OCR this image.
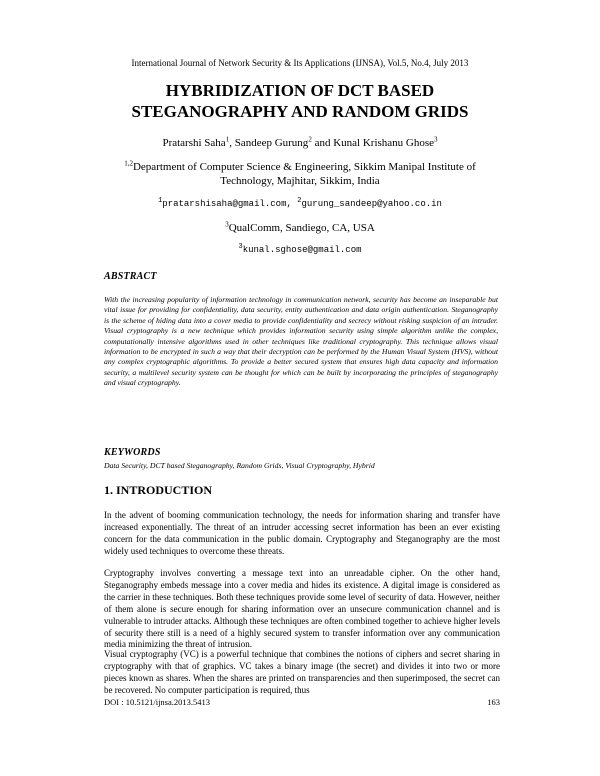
International Journal of Network Security & Its Applications (IJNSA), Vol.5, No.4, July 2013
HYBRIDIZATION OF DCT BASED
STEGANOGRAPHY AND RANDOM GRIDS
Pratarshi Saha$^1$, Sandeep Gurung$^2$ and Kunal Krishanu Ghose$^3$
$^{1,2}$Department of Computer Science & Engineering, Sikkim Manipal Institute of
Technology, Majhitar, Sikkim, India
$^1$pratarshisaha@gmail.com, $^2$gurung_sandeep@yahoo.co.in
$^3$QualComm, Sandiego, CA, USA
$^3$kunal.sghose@gmail.com
ABSTRACT
With the increasing popularity of information technology in communication network, security has become an inseparable but vital issue for providing for confidentiality, data security, entity authentication and data origin authentication. Steganography is the scheme of hiding data into a cover media to provide confidentiality and secrecy without risking suspicion of an intruder. Visual cryptography is a new technique which provides information security using simple algorithm unlike the complex, computationally intensive algorithms used in other techniques like traditional cryptography. This technique allows visual information to be encrypted in such a way that their decryption can be performed by the Human Visual System (HVS), without any complex cryptographic algorithms. To provide a better secured system that ensures high data capacity and information security, a multilevel security system can be thought for which can be built by incorporating the principles of steganography and visual cryptography.
KEYWORDS
Data Security, DCT based Steganography, Random Grids, Visual Cryptography, Hybrid
1. INTRODUCTION
In the advent of booming communication technology, the needs for information sharing and transfer have increased exponentially. The threat of an intruder accessing secret information has been an ever existing concern for the data communication in the public domain. Cryptography and Steganography are the most widely used techniques to overcome these threats.
Cryptography involves converting a message text into an unreadable cipher. On the other hand, Steganography embeds message into a cover media and hides its existence. A digital image is considered as the carrier in these techniques. Both these techniques provide some level of security of data. However, neither of them alone is secure enough for sharing information over an unsecure communication channel and is vulnerable to intruder attacks. Although these techniques are often combined together to achieve higher levels of security there still is a need of a highly secured system to transfer information over any communication media minimizing the threat of intrusion.
Visual cryptography (VC) is a powerful technique that combines the notions of ciphers and secret sharing in cryptography with that of graphics. VC takes a binary image (the secret) and divides it into two or more pieces known as shares. When the shares are printed on transparencies and then superimposed, the secret can be recovered. No computer participation is required, thus
DOI : 10.5121/ijnsa.2013.5413	163
